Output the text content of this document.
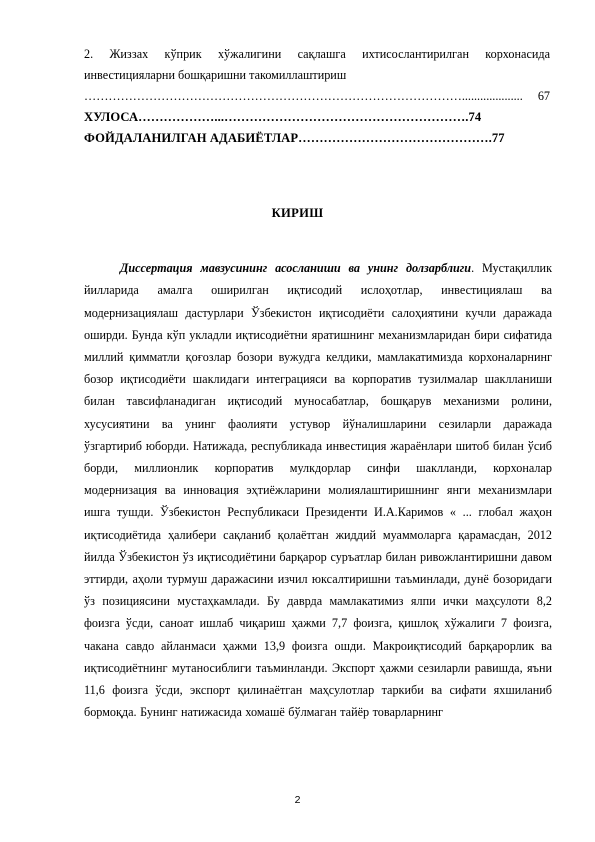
2. Жиззах кўприк хўжалигини сақлашга ихтисослантирилган корхонасида инвестицияларни бошқаришни такомиллаштириш
…………………………………………………………………………………....................	67
ХУЛОСА………………...………………………………………………….74
ФОЙДАЛАНИЛГАН АДАБИЁТЛАР……………………………………….77
КИРИШ

Диссертация мавзусининг асосланиши ва унинг долзарблиги. Мустақиллик йилларида амалга оширилган иқтисодий ислоҳотлар, инвестициялаш ва модернизациялаш дастурлари Ўзбекистон иқтисодиёти салоҳиятини кучли даражада оширди. Бунда кўп укладли иқтисодиётни яратишнинг механизмларидан бири сифатида миллий қимматли қоғозлар бозори вужудга келдики, мамлакатимизда корхоналарнинг бозор иқтисодиёти шаклидаги интеграцияси ва корпоратив тузилмалар шаклланиши билан тавсифланадиган иқтисодий муносабатлар, бошқарув механизми ролини, хусусиятини ва унинг фаолияти устувор йўналишларини сезиларли даражада ўзгартириб юборди. Натижада, республикада инвестиция жараёнлари шитоб билан ўсиб борди, миллионлик корпоратив мулкдорлар синфи шаклланди, корхоналар модернизация ва инновация эҳтиёжларини молиялаштиришнинг янги механизмлари ишга тушди. Ўзбекистон Республикаси Президенти И.А.Каримов « ... глобал жаҳон иқтисодиётида ҳалибери сақланиб қолаётган жиддий муаммоларга қарамасдан, 2012 йилда Ўзбекистон ўз иқтисодиётини барқарор суръатлар билан ривожлантиришни давом эттирди, аҳоли турмуш даражасини изчил юксалтиришни таъминлади, дунё бозоридаги ўз позициясини мустаҳкамлади. Бу даврда мамлакатимиз ялпи ички маҳсулоти 8,2 фоизга ўсди, саноат ишлаб чиқариш ҳажми 7,7 фоизга, қишлоқ хўжалиги 7 фоизга, чакана савдо айланмаси ҳажми 13,9 фоизга ошди. Макроиқтисодий барқарорлик ва иқтисодиётнинг мутаносиблиги таъминланди. Экспорт ҳажми сезиларли равишда, яъни 11,6 фоизга ўсди, экспорт қилинаётган маҳсулотлар таркиби ва сифати яхшиланиб бормоқда. Бунинг натижасида хомашё бўлмаган тайёр товарларнинг

2
